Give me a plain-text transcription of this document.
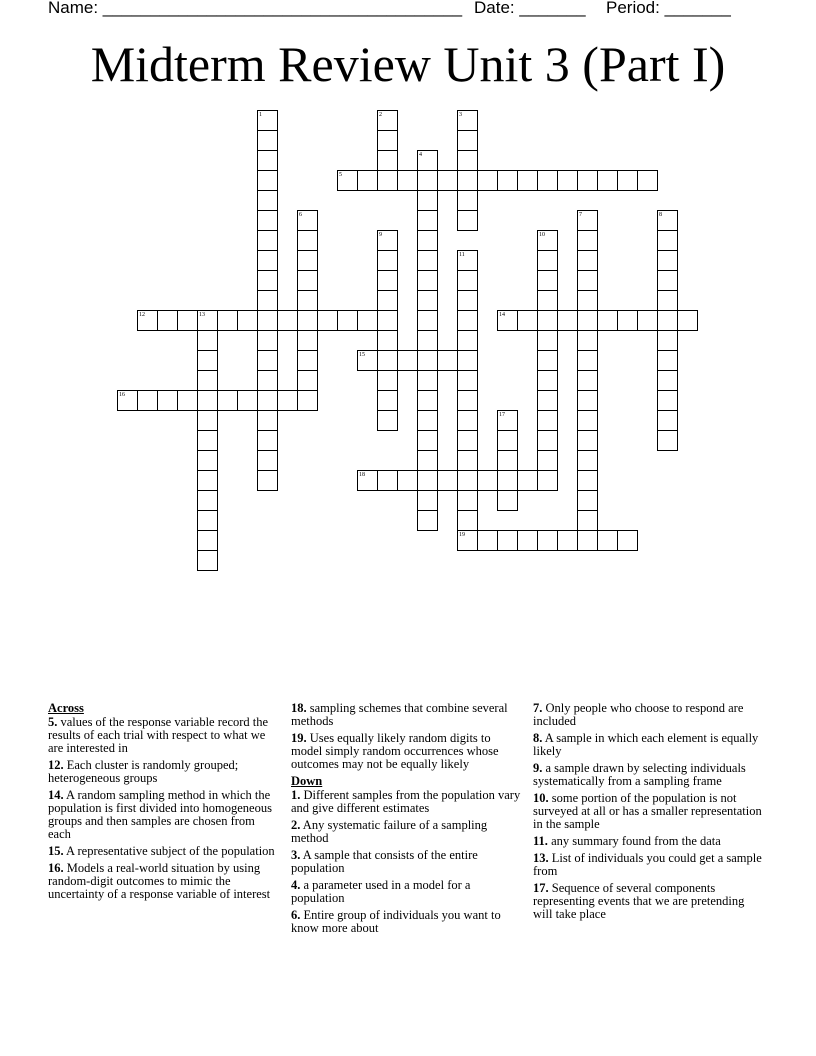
Name: ______________________________________ Date: _______ Period: _______
Midterm Review Unit 3 (Part I)
1	2	3
4
5
6	7	8
9	10
11
19
12	13	14
15
16
17
18
Across
5. values of the response variable record the results of each trial with respect to what we are interested in
12. Each cluster is randomly grouped; heterogeneous groups
14. A random sampling method in which the population is first divided into homogeneous groups and then samples are chosen from each
15. A representative subject of the population
16. Models a real-world situation by using random-digit outcomes to mimic the uncertainty of a response variable of interest
18. sampling schemes that combine several methods
19. Uses equally likely random digits to model simply random occurrences whose outcomes may not be equally likely
Down
1. Different samples from the population vary and give different estimates
2. Any systematic failure of a sampling method
3. A sample that consists of the entire population
4. a parameter used in a model for a population
6. Entire group of individuals you want to know more about
7. Only people who choose to respond are included
8. A sample in which each element is equally likely
9. a sample drawn by selecting individuals systematically from a sampling frame
10. some portion of the population is not surveyed at all or has a smaller representation in the sample
11. any summary found from the data
13. List of individuals you could get a sample from
17. Sequence of several components representing events that we are pretending will take place
